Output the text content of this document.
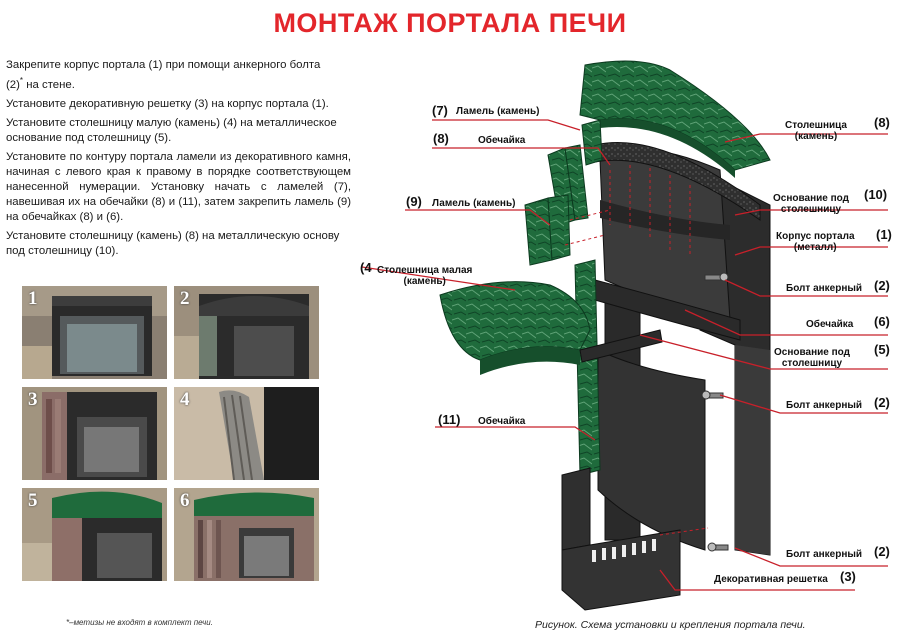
МОНТАЖ ПОРТАЛА ПЕЧИ

Закрепите корпус портала (1) при помощи анкерного болта
(2)* на стене.

Установите декоративную решетку (3) на корпус портала (1).

Установите столешницу малую (камень) (4) на металлическое основание под столешницу (5).

Установите по контуру портала ламели из декоративного камня, начиная с левого края к правому в порядке соответствующем нанесенной нумерации. Установку начать с ламелей (7), навешивая их на обечайки (8) и (11), затем закрепить ламель (9) на обечайках (8) и (6).

Установите столешницу (камень) (8) на металлическую основу под столешницу (10).

1	2
3	4
5	6
*–метизы не входят в комплект печи.	Рисунок. Схема установки и крепления портала печи.
(7) Ламель (камень)
(8)	Обечайка
(9) Ламель (камень)
(4 Столешница малая
(камень)
(11) Обечайка
Столешница
(камень)
(8)
Основание под
столешницу
(10)
Корпус портала
(металл)
(1)
Болт анкерный (2)
Обечайка (6)
Основание под
столешницу
(5)
Болт анкерный (2)
Болт анкерный (2)
Декоративная решетка (3)
